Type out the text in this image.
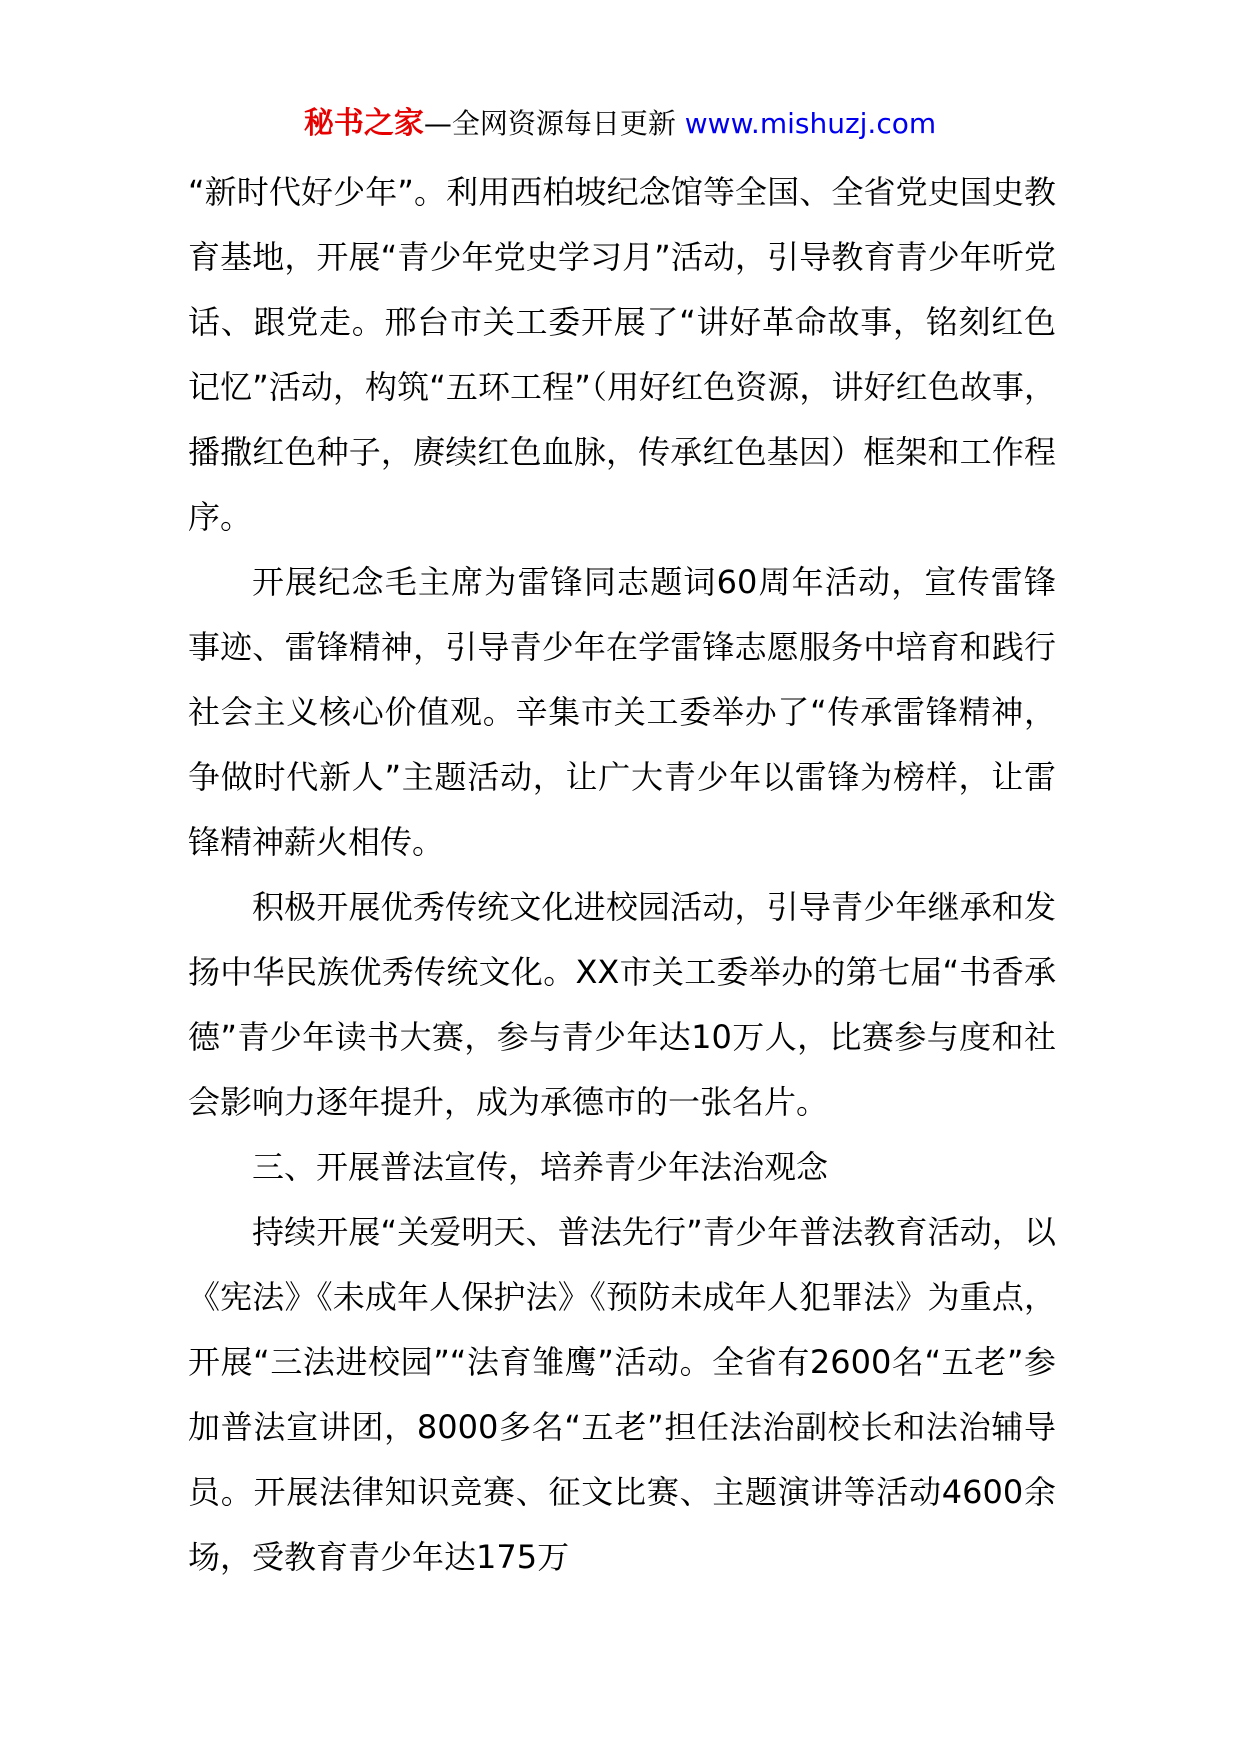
秘书之家—全网资源每日更新 www.mishuzj.com

“新时代好少年”。利用西柏坡纪念馆等全国、全省党史国史教育基地，开展“青少年党史学习月”活动，引导教育青少年听党话、跟党走。邢台市关工委开展了“讲好革命故事，铭刻红色记忆”活动，构筑“五环工程”（用好红色资源，讲好红色故事，播撒红色种子，赓续红色血脉，传承红色基因）框架和工作程序。

开展纪念毛主席为雷锋同志题词60周年活动，宣传雷锋事迹、雷锋精神，引导青少年在学雷锋志愿服务中培育和践行社会主义核心价值观。辛集市关工委举办了“传承雷锋精神，争做时代新人”主题活动，让广大青少年以雷锋为榜样，让雷锋精神薪火相传。

积极开展优秀传统文化进校园活动，引导青少年继承和发扬中华民族优秀传统文化。XX市关工委举办的第七届“书香承德”青少年读书大赛，参与青少年达10万人，比赛参与度和社会影响力逐年提升，成为承德市的一张名片。

三、开展普法宣传，培养青少年法治观念

持续开展“关爱明天、普法先行”青少年普法教育活动，以《宪法》《未成年人保护法》《预防未成年人犯罪法》为重点，开展“三法进校园”“法育雏鹰”活动。全省有2600名“五老”参加普法宣讲团，8000多名“五老”担任法治副校长和法治辅导员。开展法律知识竞赛、征文比赛、主题演讲等活动4600余场，受教育青少年达175万
